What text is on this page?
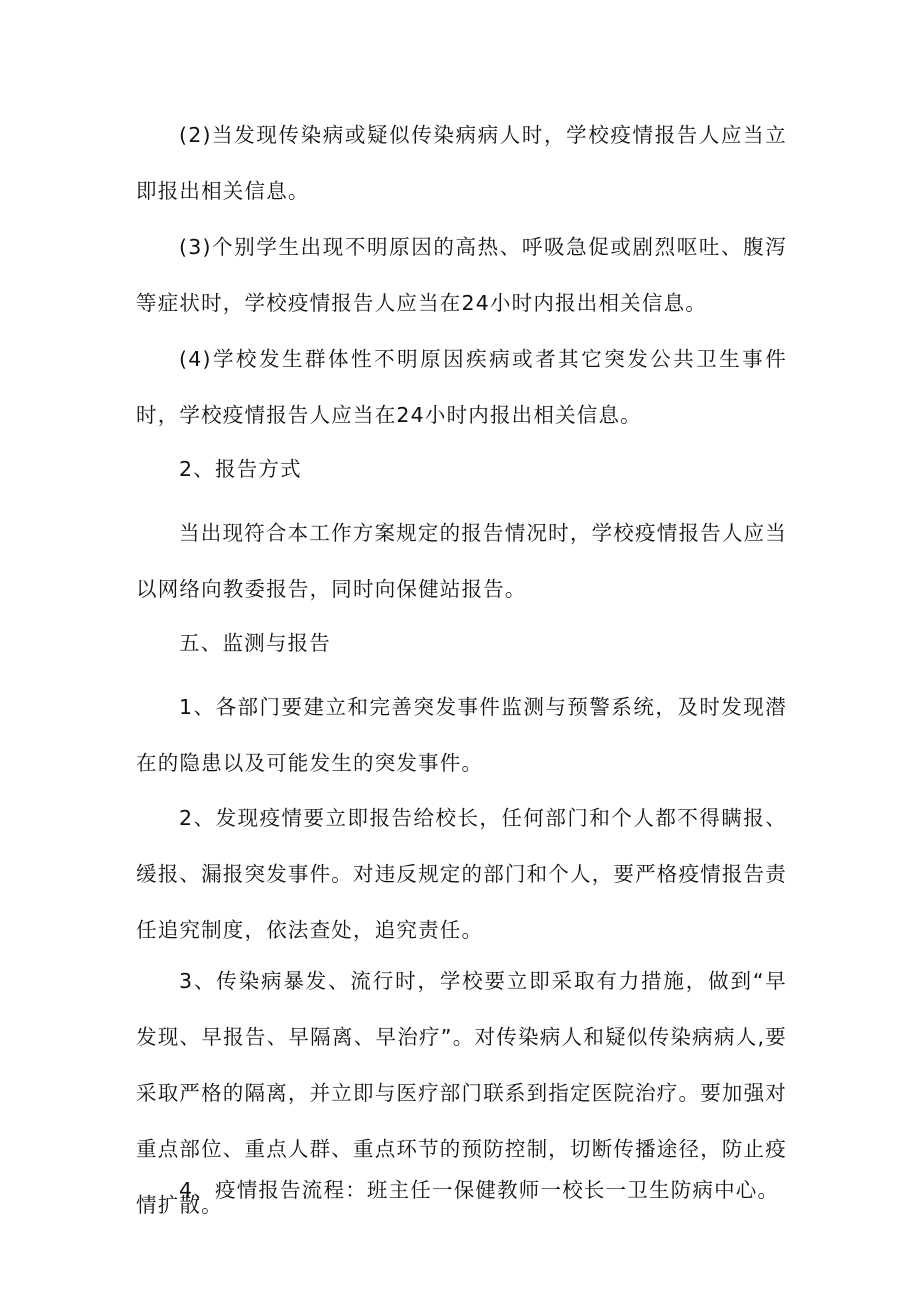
(2)当发现传染病或疑似传染病病人时，学校疫情报告人应当立即报出相关信息。

(3)个别学生出现不明原因的高热、呼吸急促或剧烈呕吐、腹泻等症状时，学校疫情报告人应当在24小时内报出相关信息。

(4)学校发生群体性不明原因疾病或者其它突发公共卫生事件时，学校疫情报告人应当在24小时内报出相关信息。

2、报告方式

当出现符合本工作方案规定的报告情况时，学校疫情报告人应当以网络向教委报告，同时向保健站报告。

五、监测与报告

1、各部门要建立和完善突发事件监测与预警系统，及时发现潜在的隐患以及可能发生的突发事件。

2、发现疫情要立即报告给校长，任何部门和个人都不得瞒报、缓报、漏报突发事件。对违反规定的部门和个人，要严格疫情报告责任追究制度，依法查处，追究责任。

3、传染病暴发、流行时，学校要立即采取有力措施，做到“早发现、早报告、早隔离、早治疗”。对传染病人和疑似传染病病人,要采取严格的隔离，并立即与医疗部门联系到指定医院治疗。要加强对重点部位、重点人群、重点环节的预防控制，切断传播途径，防止疫情扩散。

4、疫情报告流程：班主任一保健教师一校长一卫生防病中心。
